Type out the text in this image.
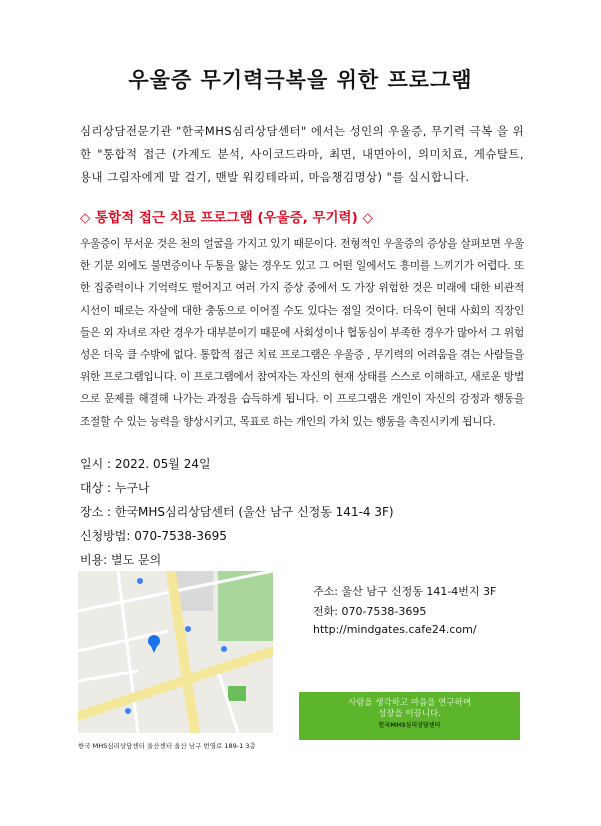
우울증 무기력극복을 위한 프로그램
심리상담전문기관 "한국MHS심리상담센터" 에서는 성인의 우울증, 무기력 극복 을 위한 "통합적 접근 (가계도 분석, 사이코드라마, 최면, 내면아이, 의미치료, 게슈탈트, 용내 그림자에게 말 걸기, 맨발 워킹테라피, 마음챙김명상) "를 실시합니다.
◇ 통합적 접근 치료 프로그램 (우울증, 무기력) ◇
우울증이 무서운 것은 천의 얼굴을 가지고 있기 때문이다. 전형적인 우울증의 증상을 살펴보면 우울한 기분 외에도 불면증이나 두통을 앓는 경우도 있고 그 어떤 일에서도 흥미를 느끼기가 어렵다. 또한 집중력이나 기억력도 떨어지고 여러 가지 증상 중에서 도 가장 위험한 것은 미래에 대한 비관적 시선이 때로는 자살에 대한 충동으로 이어질 수도 있다는 점일 것이다. 더욱이 현대 사회의 직장인들은 외 자녀로 자란 경우가 대부분이기 때문에 사회성이나 협동심이 부족한 경우가 많아서 그 위험성은 더욱 클 수밖에 없다. 통합적 접근 치료 프로그램은 우울증 , 무기력의 어려움을 겪는 사람들을 위한 프로그램입니다. 이 프로그램에서 참여자는 자신의 현재 상태를 스스로 이해하고, 새로운 방법으로 문제를 해결해 나가는 과정을 습득하게 됩니다. 이 프로그램은 개인이 자신의 감정과 행동을 조절할 수 있는 능력을 향상시키고, 목표로 하는 개인의 가치 있는 행동을 촉진시키게 됩니다.
일시 : 2022. 05월 24일
대상 : 누구나
장소 : 한국MHS심리상담센터 (울산 남구 신정동 141-4 3F)
신청방법: 070-7538-3695
비용: 별도 문의
한국 MHS심리상담센터 울산센터 울산 남구 번영로 189-1 3층
주소: 울산 남구 신정동 141-4번지 3F
전화: 070-7538-3695
http://mindgates.cafe24.com/
사람을 생각하고 마음을 연구하며
성장을 이끕니다.
한국MHS심리상담센터
